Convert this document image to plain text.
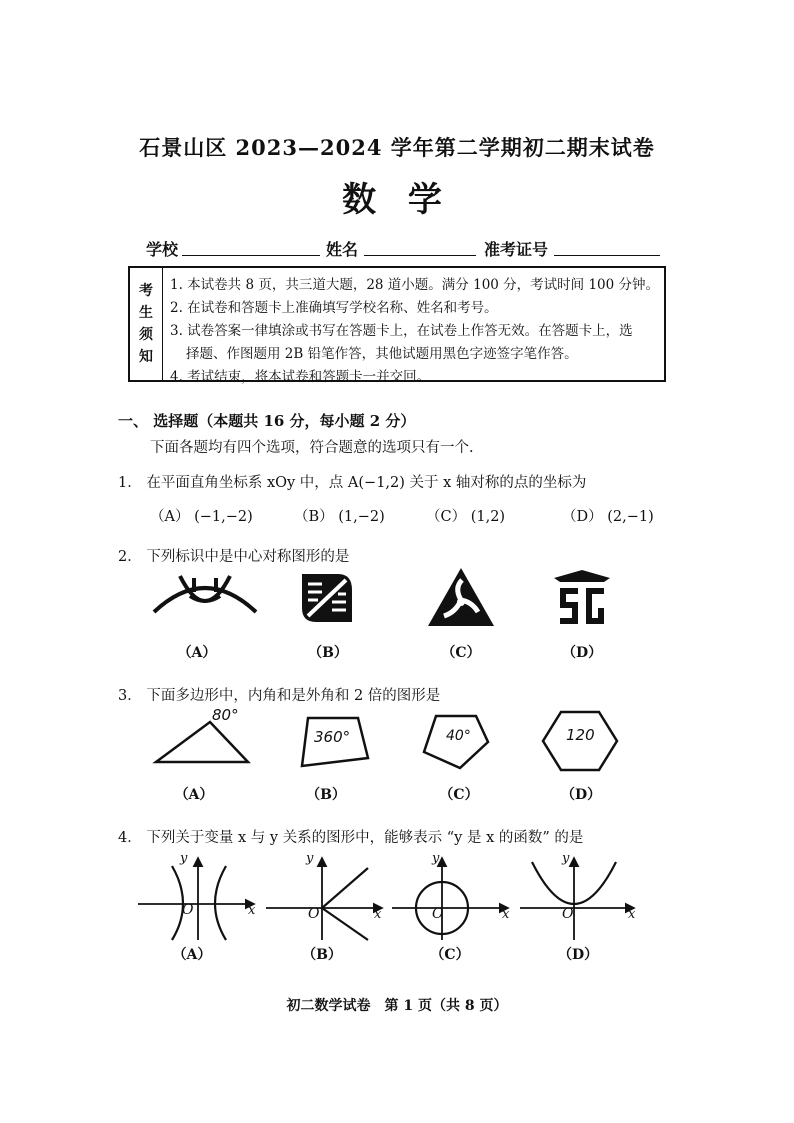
石景山区 2023—2024 学年第二学期初二期末试卷
数 学
学校	姓名	准考证号
考
生
须
知
1. 本试卷共 8 页，共三道大题，28 道小题。满分 100 分，考试时间 100 分钟。
2. 在试卷和答题卡上准确填写学校名称、姓名和考号。
3. 试卷答案一律填涂或书写在答题卡上，在试卷上作答无效。在答题卡上，选
择题、作图题用 2B 铅笔作答，其他试题用黑色字迹签字笔作答。
4. 考试结束，将本试卷和答题卡一并交回。
一、 选择题（本题共 16 分，每小题 2 分）
下面各题均有四个选项，符合题意的选项只有一个.
1． 在平面直角坐标系 xOy 中，点 A(−1,2) 关于 x 轴对称的点的坐标为
（A） (−1,−2)	（B） (1,−2)	（C） (1,2)	（D） (2,−1)
2． 下列标识中是中心对称图形的是
（A）	（B）	（C）	（D）
3． 下面多边形中，内角和是外角和 2 倍的图形是
80°
360°	40°	120
（A）	（B）	（C）	（D）
4． 下列关于变量 x 与 y 关系的图形中，能够表示 “y 是 x 的函数” 的是
y
x
O
y
x
O
y
x
O
y
x
O
（A）	（B）	（C）	（D）
初二数学试卷　第 1 页（共 8 页）
